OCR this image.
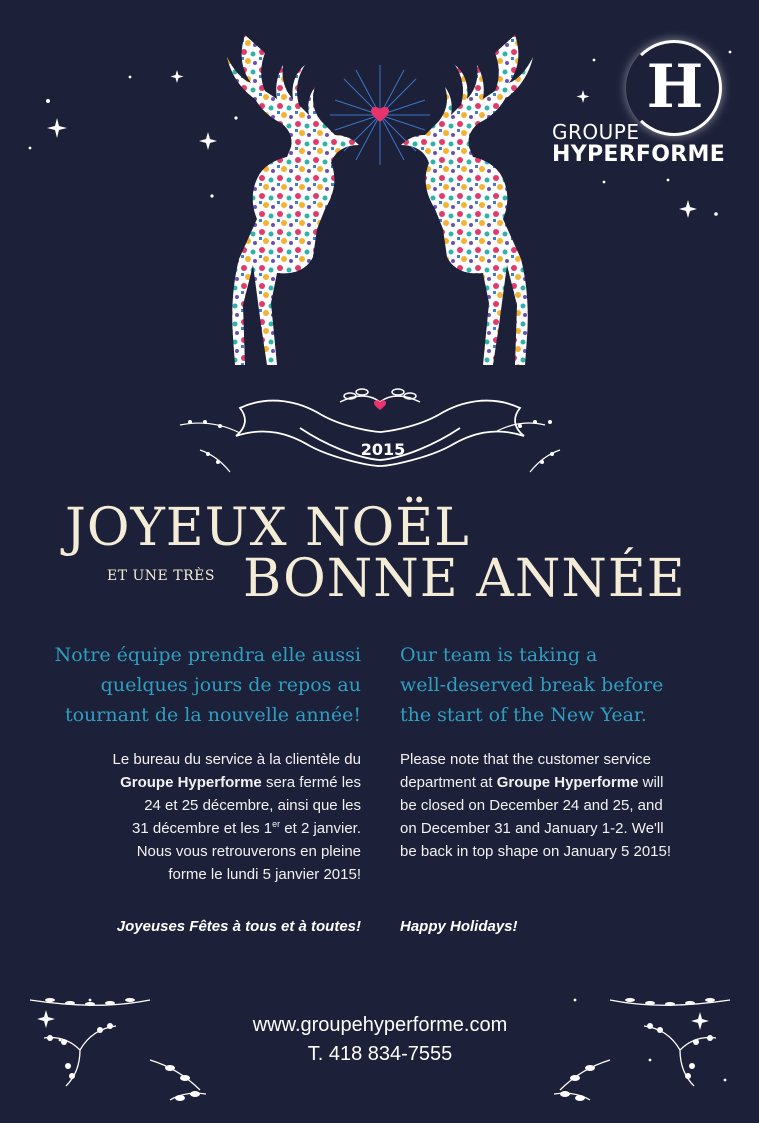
H
GROUPE
HYPERFORME
2015
JOYEUX NOËL
ET UNE TRÈS BONNE ANNÉE
Notre équipe prendra elle aussi
quelques jours de repos au
tournant de la nouvelle année!
Our team is taking a
well-deserved break before
the start of the New Year.
Le bureau du service à la clientèle du
Groupe Hyperforme sera fermé les
24 et 25 décembre, ainsi que les
31 décembre et les 1er et 2 janvier.
Nous vous retrouverons en pleine
forme le lundi 5 janvier 2015!
Please note that the customer service
department at Groupe Hyperforme will
be closed on December 24 and 25, and
on December 31 and January 1-2. We'll
be back in top shape on January 5 2015!
Joyeuses Fêtes à tous et à toutes!	Happy Holidays!
www.groupehyperforme.com
T. 418 834-7555
